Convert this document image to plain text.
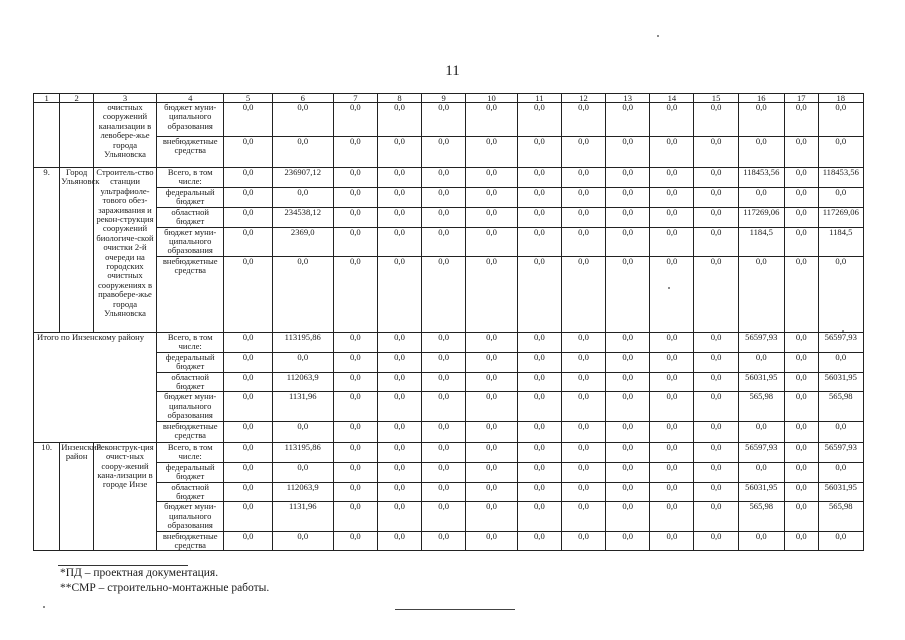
11
1	2	3	4	5	6	7	8	9	10	11	12	13	14	15	16	17	18
		очистных сооружений канализации в левобере-жье города Ульяновска	бюджет муни-ципального образования	0,0	0,0	0,0	0,0	0,0	0,0	0,0	0,0	0,0	0,0	0,0	0,0	0,0	0,0
			внебюджетные средства	0,0	0,0	0,0	0,0	0,0	0,0	0,0	0,0	0,0	0,0	0,0	0,0	0,0	0,0
9.	Город Ульяновск	Строитель-ство станции ультрафиоле-тового обез-зараживания и рекон-струкция сооружений биологиче-ской очистки 2-й очереди на городских очистных сооружениях в правобере-жье города Ульяновска	Всего, в том числе:	0,0	236907,12	0,0	0,0	0,0	0,0	0,0	0,0	0,0	0,0	0,0	118453,56	0,0	118453,56
			федеральный бюджет	0,0	0,0	0,0	0,0	0,0	0,0	0,0	0,0	0,0	0,0	0,0	0,0	0,0	0,0
			областной бюджет	0,0	234538,12	0,0	0,0	0,0	0,0	0,0	0,0	0,0	0,0	0,0	117269,06	0,0	117269,06
			бюджет муни-ципального образования	0,0	2369,0	0,0	0,0	0,0	0,0	0,0	0,0	0,0	0,0	0,0	1184,5	0,0	1184,5
			внебюджетные средства	0,0	0,0	0,0	0,0	0,0	0,0	0,0	0,0	0,0	0,0	0,0	0,0	0,0	0,0
Итого по Инзенскому району			Всего, в том числе:	0,0	113195,86	0,0	0,0	0,0	0,0	0,0	0,0	0,0	0,0	0,0	56597,93	0,0	56597,93
			федеральный бюджет	0,0	0,0	0,0	0,0	0,0	0,0	0,0	0,0	0,0	0,0	0,0	0,0	0,0	0,0
			областной бюджет	0,0	112063,9	0,0	0,0	0,0	0,0	0,0	0,0	0,0	0,0	0,0	56031,95	0,0	56031,95
			бюджет муни-ципального образования	0,0	1131,96	0,0	0,0	0,0	0,0	0,0	0,0	0,0	0,0	0,0	565,98	0,0	565,98
			внебюджетные средства	0,0	0,0	0,0	0,0	0,0	0,0	0,0	0,0	0,0	0,0	0,0	0,0	0,0	0,0
10.	Инзенский район	Реконструк-ция очист-ных соору-жений кана-лизации в городе Инзе	Всего, в том числе:	0,0	113195,86	0,0	0,0	0,0	0,0	0,0	0,0	0,0	0,0	0,0	56597,93	0,0	56597,93
			федеральный бюджет	0,0	0,0	0,0	0,0	0,0	0,0	0,0	0,0	0,0	0,0	0,0	0,0	0,0	0,0
			областной бюджет	0,0	112063,9	0,0	0,0	0,0	0,0	0,0	0,0	0,0	0,0	0,0	56031,95	0,0	56031,95
			бюджет муни-ципального образования	0,0	1131,96	0,0	0,0	0,0	0,0	0,0	0,0	0,0	0,0	0,0	565,98	0,0	565,98
			внебюджетные средства	0,0	0,0	0,0	0,0	0,0	0,0	0,0	0,0	0,0	0,0	0,0	0,0	0,0	0,0
*ПД – проектная документация.
**СМР – строительно-монтажные работы.
